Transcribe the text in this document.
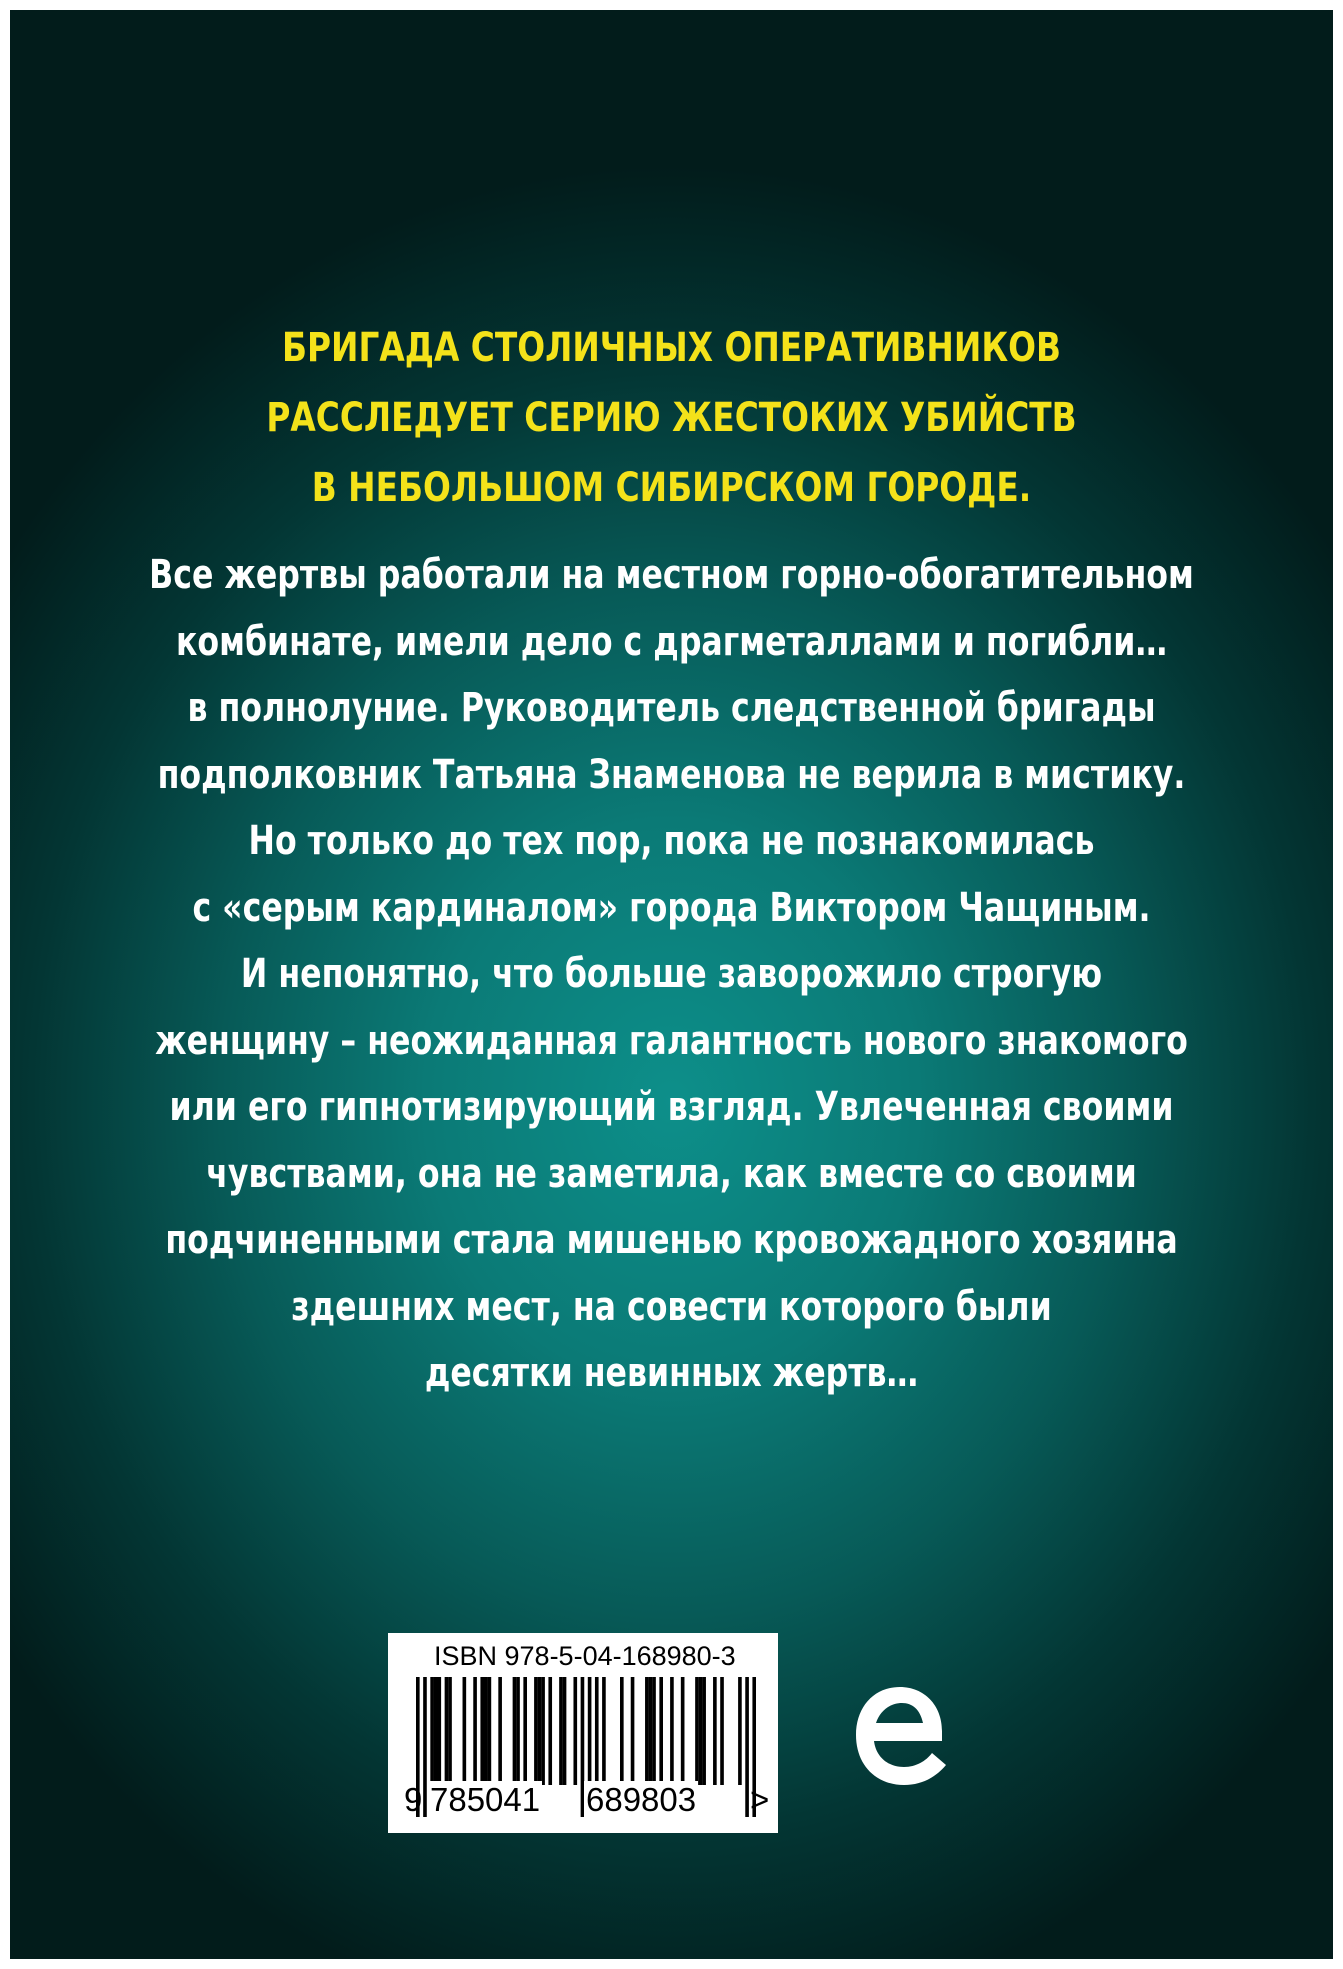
БРИГАДА СТОЛИЧНЫХ ОПЕРАТИВНИКОВ
РАССЛЕДУЕТ СЕРИЮ ЖЕСТОКИХ УБИЙСТВ
В НЕБОЛЬШОМ СИБИРСКОМ ГОРОДЕ.
Все жертвы работали на местном горно-обогатительном
комбинате, имели дело с драгметаллами и погибли…
в полнолуние. Руководитель следственной бригады
подполковник Татьяна Знаменова не верила в мистику.
Но только до тех пор, пока не познакомилась
с «серым кардиналом» города Виктором Чащиным.
И непонятно, что больше заворожило строгую
женщину – неожиданная галантность нового знакомого
или его гипнотизирующий взгляд. Увлеченная своими
чувствами, она не заметила, как вместе со своими
подчиненными стала мишенью кровожадного хозяина
здешних мест, на совести которого были
десятки невинных жертв…
ISBN 978-5-04-168980-3
9 785041 689803 >
